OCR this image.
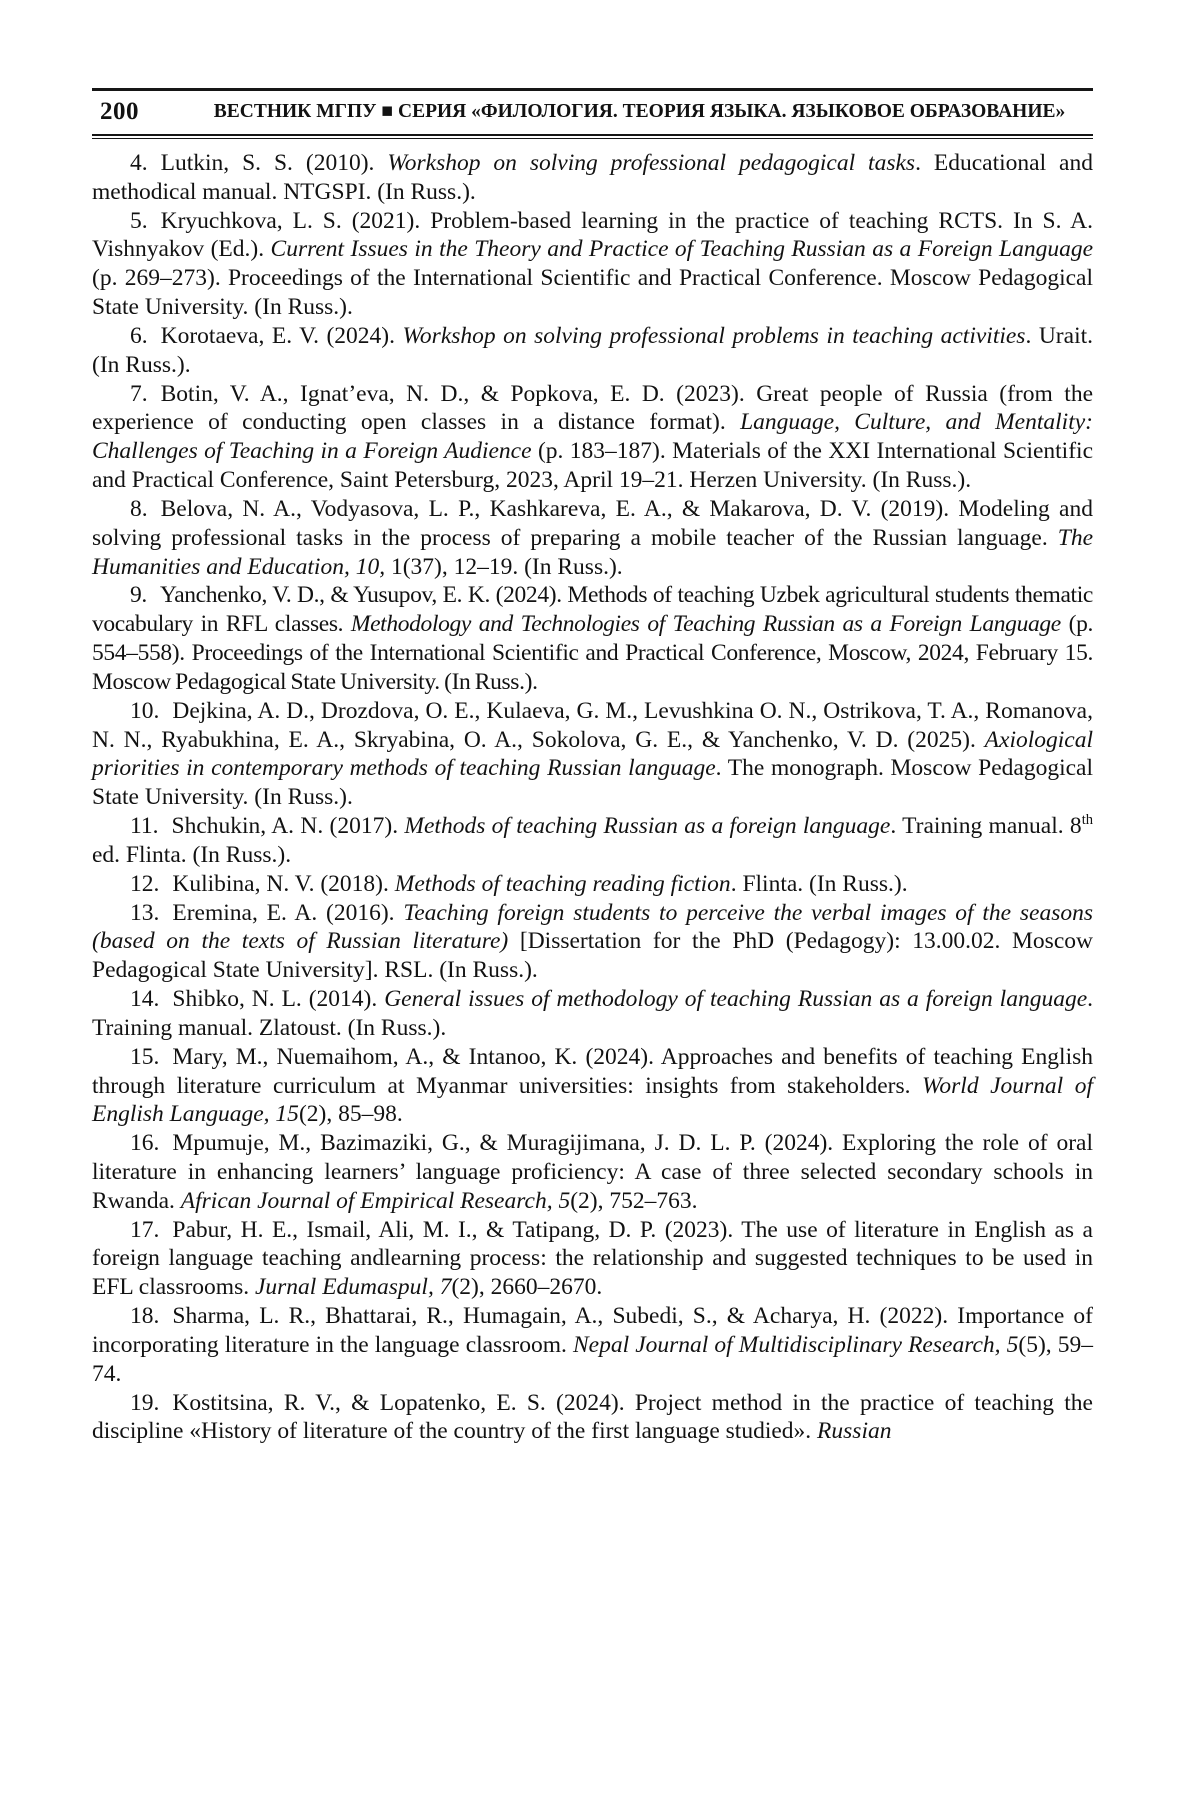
200	ВЕСТНИК МГПУ ■ СЕРИЯ «ФИЛОЛОГИЯ. ТЕОРИЯ ЯЗЫКА. ЯЗЫКОВОЕ ОБРАЗОВАНИЕ»

4. Lutkin, S. S. (2010). Workshop on solving professional pedagogical tasks. Educational and methodical manual. NTGSPI. (In Russ.).

5. Kryuchkova, L. S. (2021). Problem-based learning in the practice of teaching RCTS. In S. A. Vishnyakov (Ed.). Current Issues in the Theory and Practice of Teaching Russian as a Foreign Language (p. 269–273). Proceedings of the International Scientific and Practical Conference. Moscow Pedagogical State University. (In Russ.).

6. Korotaeva, E. V. (2024). Workshop on solving professional problems in teaching activities. Urait. (In Russ.).

7. Botin, V. A., Ignat’eva, N. D., & Popkova, E. D. (2023). Great people of Russia (from the experience of conducting open classes in a distance format). Language, Culture, and Mentality: Challenges of Teaching in a Foreign Audience (p. 183–187). Materials of the XXI International Scientific and Practical Conference, Saint Petersburg, 2023, April 19–21. Herzen University. (In Russ.).

8. Belova, N. A., Vodyasova, L. P., Kashkareva, E. A., & Makarova, D. V. (2019). Modeling and solving professional tasks in the process of preparing a mobile teacher of the Russian language. The Humanities and Education, 10, 1(37), 12–19. (In Russ.).

9. Yanchenko, V. D., & Yusupov, E. K. (2024). Methods of teaching Uzbek agricultural students thematic vocabulary in RFL classes. Methodology and Technologies of Teaching Russian as a Foreign Language (p. 554–558). Proceedings of the International Scientific and Practical Conference, Moscow, 2024, February 15. Moscow Pedagogical State University. (In Russ.).

10. Dejkina, A. D., Drozdova, O. E., Kulaeva, G. M., Levushkina O. N., Ostrikova, T. A., Romanova, N. N., Ryabukhina, E. A., Skryabina, O. A., Sokolova, G. E., & Yanchenko, V. D. (2025). Axiological priorities in contemporary methods of teaching Russian language. The monograph. Moscow Pedagogical State University. (In Russ.).

11. Shchukin, A. N. (2017). Methods of teaching Russian as a foreign language. Training manual. 8th ed. Flinta. (In Russ.).

12. Kulibina, N. V. (2018). Methods of teaching reading fiction. Flinta. (In Russ.).

13. Eremina, E. A. (2016). Teaching foreign students to perceive the verbal images of the seasons (based on the texts of Russian literature) [Dissertation for the PhD (Pedagogy): 13.00.02. Moscow Pedagogical State University]. RSL. (In Russ.).

14. Shibko, N. L. (2014). General issues of methodology of teaching Russian as a foreign language. Training manual. Zlatoust. (In Russ.).

15. Mary, M., Nuemaihom, A., & Intanoo, K. (2024). Approaches and benefits of teaching English through literature curriculum at Myanmar universities: insights from stakeholders. World Journal of English Language, 15(2), 85–98.

16. Mpumuje, M., Bazimaziki, G., & Muragijimana, J. D. L. P. (2024). Exploring the role of oral literature in enhancing learners’ language proficiency: A case of three selected secondary schools in Rwanda. African Journal of Empirical Research, 5(2), 752–763.

17. Pabur, H. E., Ismail, Ali, M. I., & Tatipang, D. P. (2023). The use of literature in English as a foreign language teaching andlearning process: the relationship and suggested techniques to be used in EFL classrooms. Jurnal Edumaspul, 7(2), 2660–2670.

18. Sharma, L. R., Bhattarai, R., Humagain, A., Subedi, S., & Acharya, H. (2022). Importance of incorporating literature in the language classroom. Nepal Journal of Multidisciplinary Research, 5(5), 59–74.

19. Kostitsina, R. V., & Lopatenko, E. S. (2024). Project method in the practice of teaching the discipline «History of literature of the country of the first language studied». Russian
